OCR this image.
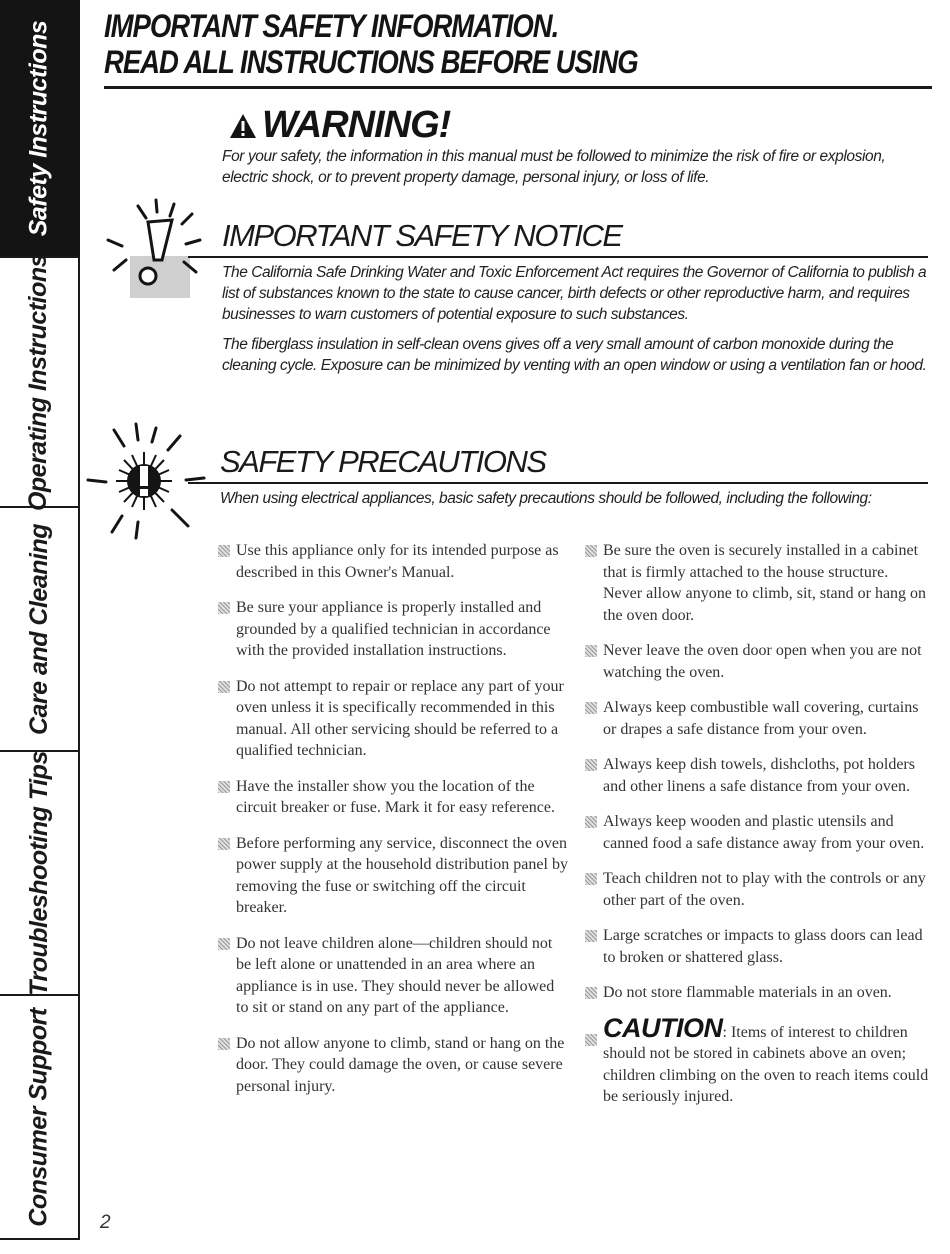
Safety Instructions
Operating Instructions
Care and Cleaning
Troubleshooting Tips
Consumer Support
IMPORTANT SAFETY INFORMATION.
READ ALL INSTRUCTIONS BEFORE USING
WARNING!
For your safety, the information in this manual must be followed to minimize the risk of fire or explosion, electric shock, or to prevent property damage, personal injury, or loss of life.
IMPORTANT SAFETY NOTICE
The California Safe Drinking Water and Toxic Enforcement Act requires the Governor of California to publish a list of substances known to the state to cause cancer, birth defects or other reproductive harm, and requires businesses to warn customers of potential exposure to such substances.
The fiberglass insulation in self-clean ovens gives off a very small amount of carbon monoxide during the cleaning cycle. Exposure can be minimized by venting with an open window or using a ventilation fan or hood.
SAFETY PRECAUTIONS
When using electrical appliances, basic safety precautions should be followed, including the following:
Use this appliance only for its intended purpose as described in this Owner's Manual.
Be sure your appliance is properly installed and grounded by a qualified technician in accordance with the provided installation instructions.
Do not attempt to repair or replace any part of your oven unless it is specifically recommended in this manual. All other servicing should be referred to a qualified technician.
Have the installer show you the location of the circuit breaker or fuse. Mark it for easy reference.
Before performing any service, disconnect the oven power supply at the household distribution panel by removing the fuse or switching off the circuit breaker.
Do not leave children alone—children should not be left alone or unattended in an area where an appliance is in use. They should never be allowed to sit or stand on any part of the appliance.
Do not allow anyone to climb, stand or hang on the door. They could damage the oven, or cause severe personal injury.
Be sure the oven is securely installed in a cabinet that is firmly attached to the house structure. Never allow anyone to climb, sit, stand or hang on the oven door.
Never leave the oven door open when you are not watching the oven.
Always keep combustible wall covering, curtains or drapes a safe distance from your oven.
Always keep dish towels, dishcloths, pot holders and other linens a safe distance from your oven.
Always keep wooden and plastic utensils and canned food a safe distance away from your oven.
Teach children not to play with the controls or any other part of the oven.
Large scratches or impacts to glass doors can lead to broken or shattered glass.
Do not store flammable materials in an oven.
CAUTION: Items of interest to children should not be stored in cabinets above an oven; children climbing on the oven to reach items could be seriously injured.
2
